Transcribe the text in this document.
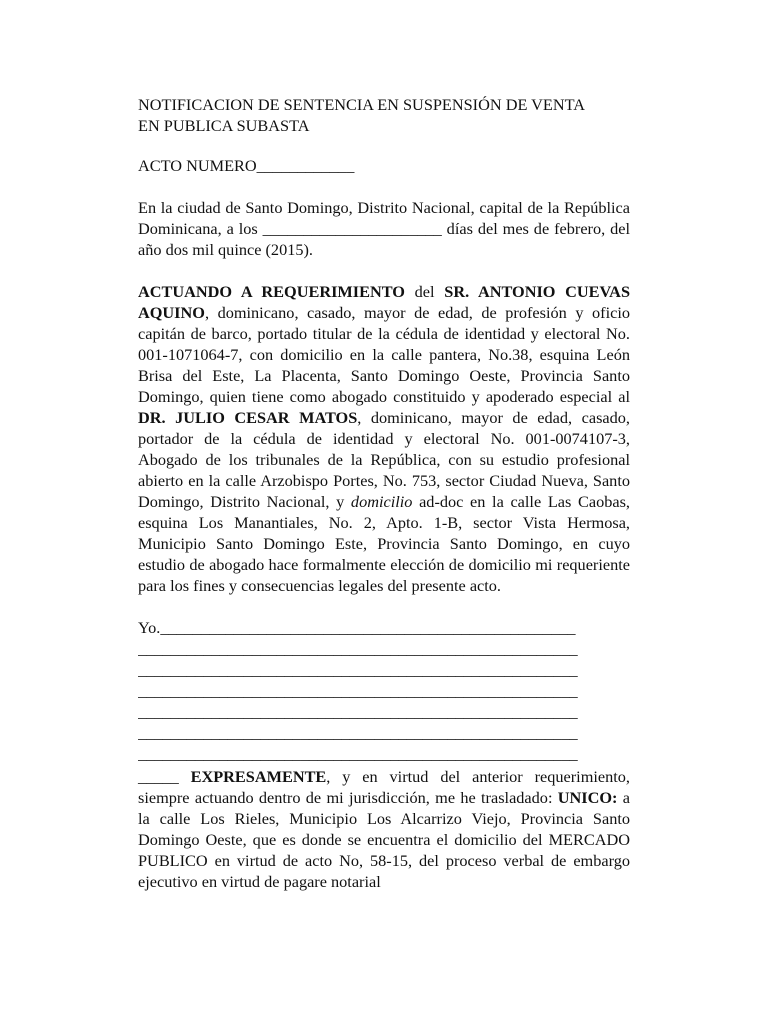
NOTIFICACION DE SENTENCIA EN SUSPENSIÓN DE VENTA
EN PUBLICA SUBASTA
ACTO NUMERO____________

En la ciudad de Santo Domingo, Distrito Nacional, capital de la República Dominicana, a los ______________________ días del mes de febrero, del año dos mil quince (2015).

ACTUANDO A REQUERIMIENTO del SR. ANTONIO CUEVAS AQUINO, dominicano, casado, mayor de edad, de profesión y oficio capitán de barco, portado titular de la cédula de identidad y electoral No. 001-1071064-7, con domicilio en la calle pantera, No.38, esquina León Brisa del Este, La Placenta, Santo Domingo Oeste, Provincia Santo Domingo, quien tiene como abogado constituido y apoderado especial al DR. JULIO CESAR MATOS, dominicano, mayor de edad, casado, portador de la cédula de identidad y electoral No. 001-0074107-3, Abogado de los tribunales de la República, con su estudio profesional abierto en la calle Arzobispo Portes, No. 753, sector Ciudad Nueva, Santo Domingo, Distrito Nacional, y domicilio ad-doc en la calle Las Caobas, esquina Los Manantiales, No. 2, Apto. 1-B, sector Vista Hermosa, Municipio Santo Domingo Este, Provincia Santo Domingo, en cuyo estudio de abogado hace formalmente elección de domicilio mi requeriente para los fines y consecuencias legales del presente acto.

Yo.___________________________________________________
______________________________________________________
______________________________________________________
______________________________________________________
______________________________________________________
______________________________________________________
______________________________________________________

_____ EXPRESAMENTE, y en virtud del anterior requerimiento, siempre actuando dentro de mi jurisdicción, me he trasladado: UNICO: a la calle Los Rieles, Municipio Los Alcarrizo Viejo, Provincia Santo Domingo Oeste, que es donde se encuentra el domicilio del MERCADO PUBLICO en virtud de acto No, 58-15, del proceso verbal de embargo ejecutivo en virtud de pagare notarial
